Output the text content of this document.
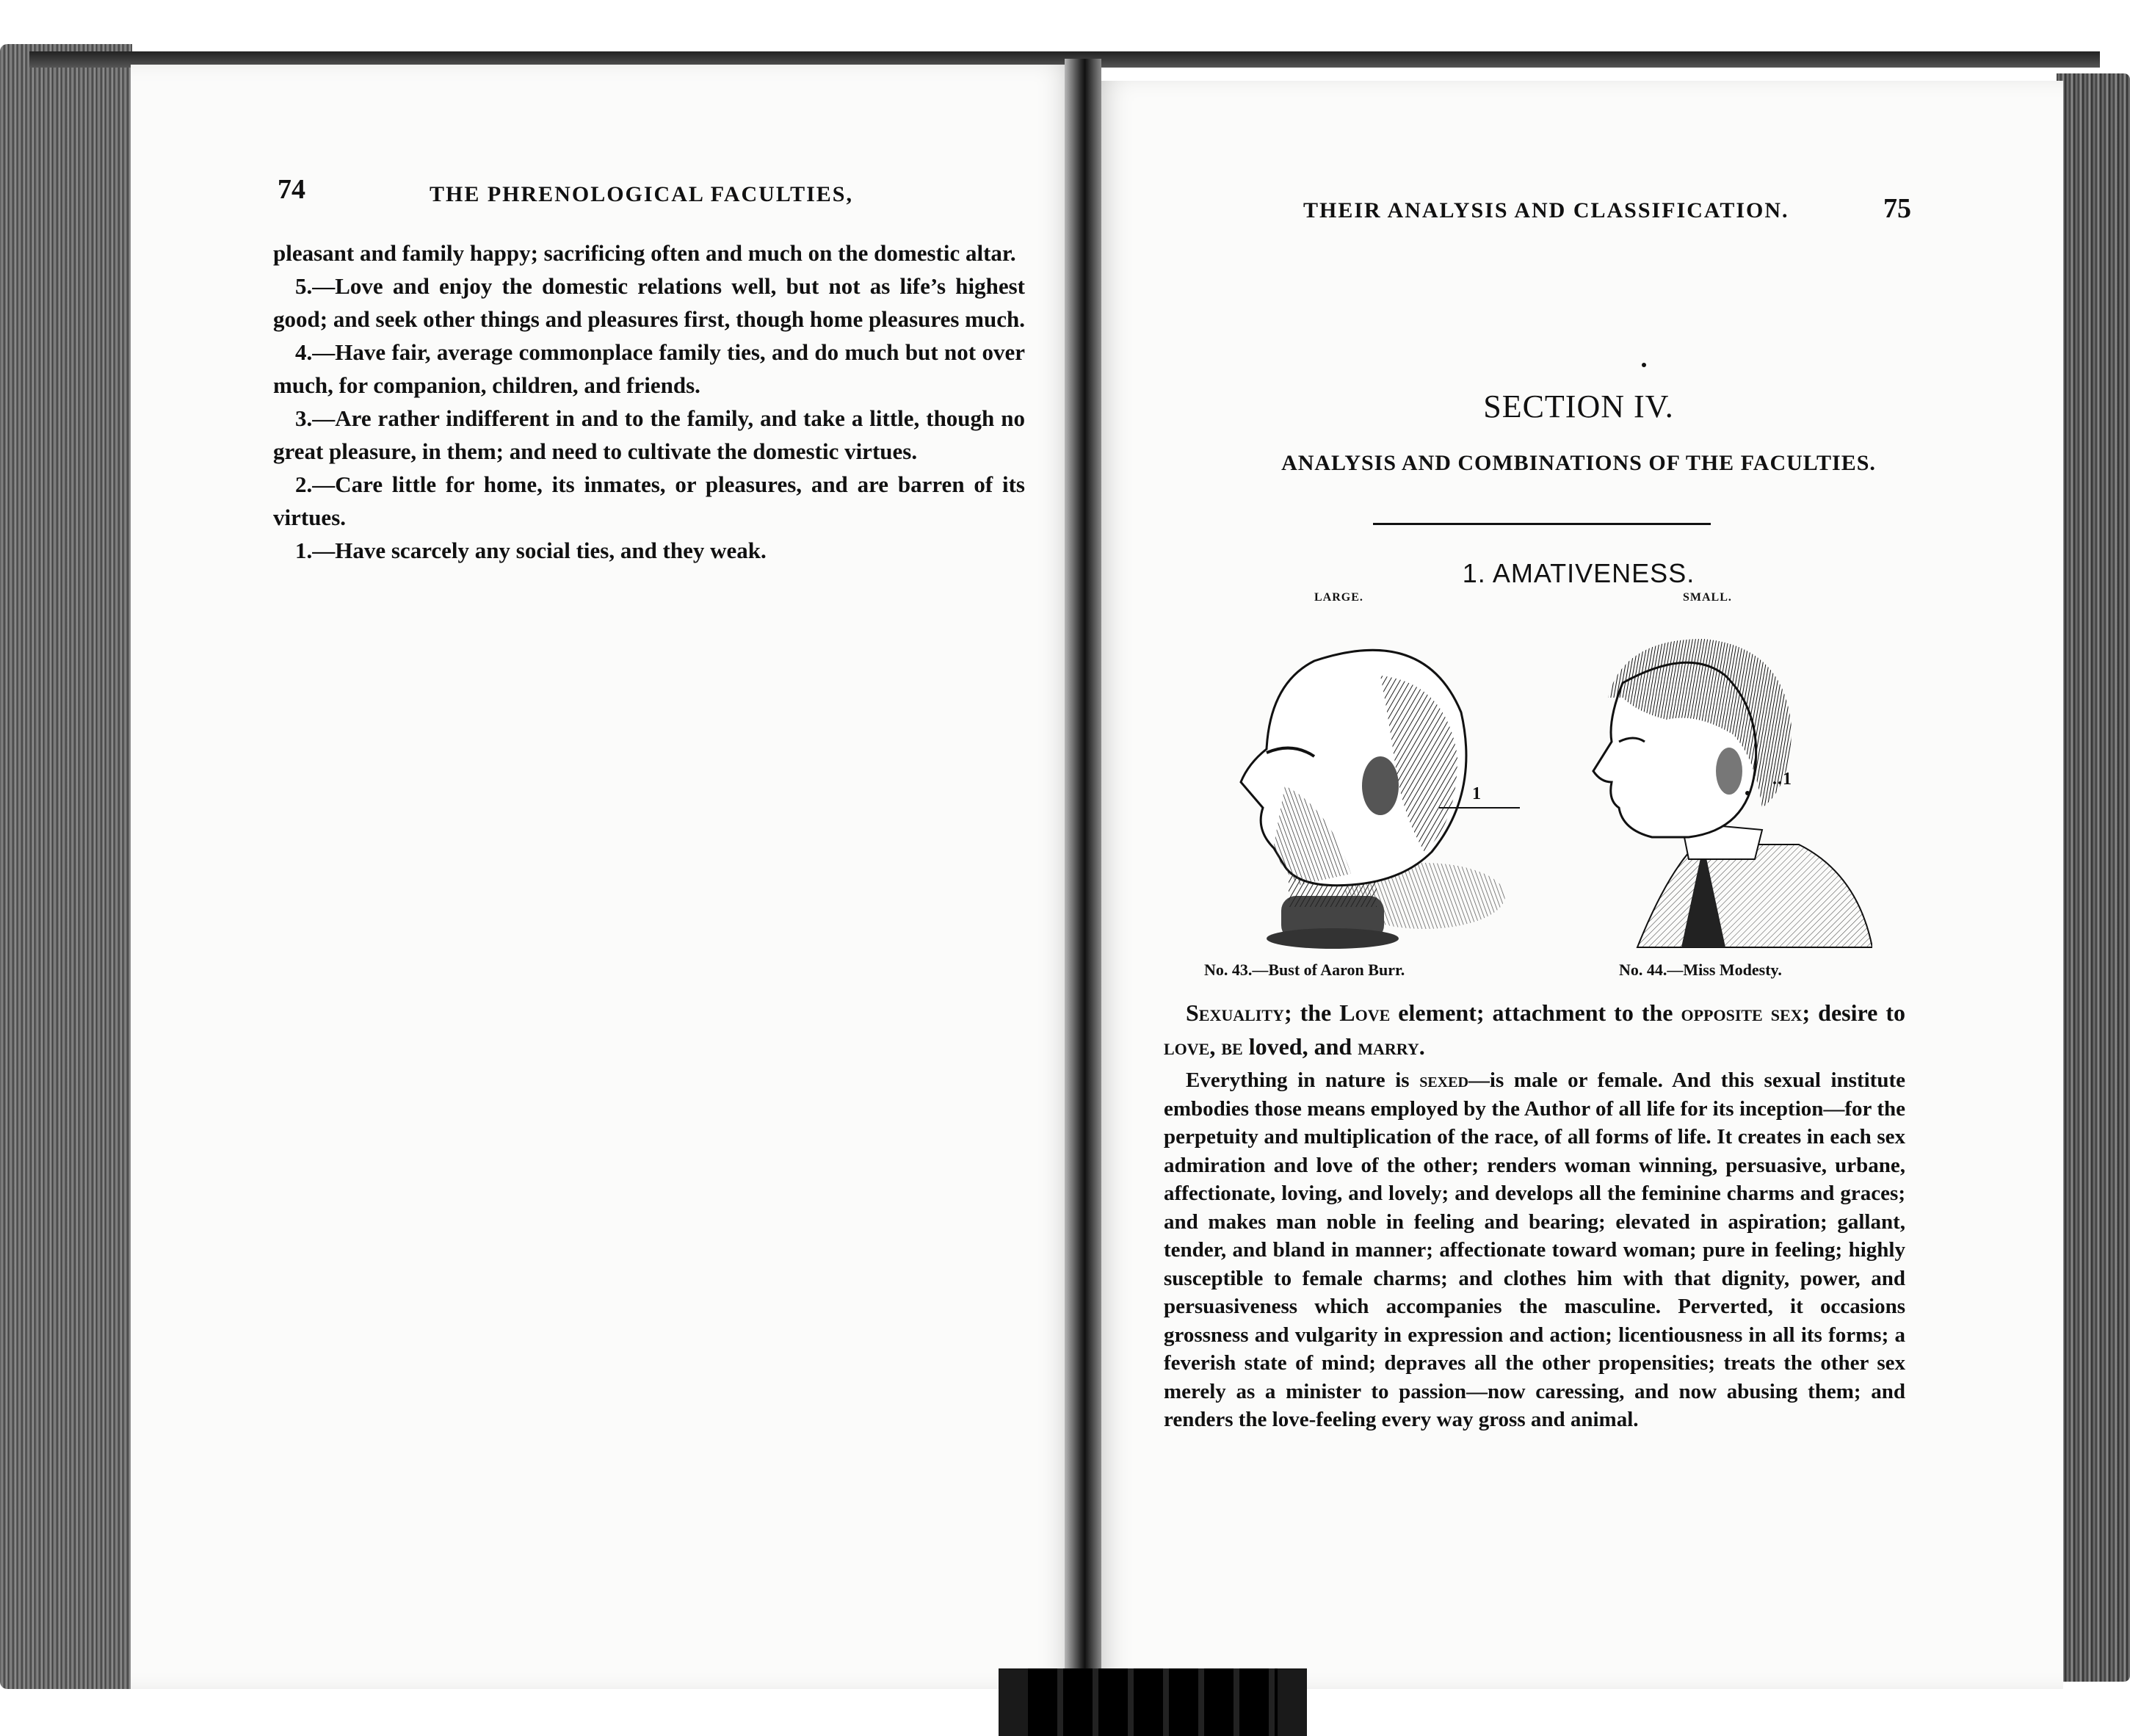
74	THE PHRENOLOGICAL FACULTIES,

pleasant and family happy; sacrificing often and much on the domestic altar.

5.—Love and enjoy the domestic relations well, but not as life’s highest good; and seek other things and pleasures first, though home pleasures much.

4.—Have fair, average commonplace family ties, and do much but not over much, for companion, children, and friends.

3.—Are rather indifferent in and to the family, and take a little, though no great pleasure, in them; and need to cultivate the domestic virtues.

2.—Care little for home, its inmates, or pleasures, and are barren of its virtues.

1.—Have scarcely any social ties, and they weak.

THEIR ANALYSIS AND CLASSIFICATION.	75
SECTION IV.
ANALYSIS AND COMBINATIONS OF THE FACULTIES.
1. AMATIVENESS.
LARGE.	SMALL.
1
..1
No. 43.—Bust of Aaron Burr.	No. 44.—Miss Modesty.

Sexuality; the Love element; attachment to the opposite sex; desire to love, be loved, and marry.

Everything in nature is sexed—is male or female. And this sexual institute embodies those means employed by the Author of all life for its inception—for the perpetuity and multiplication of the race, of all forms of life. It creates in each sex admiration and love of the other; renders woman winning, persuasive, urbane, affectionate, loving, and lovely; and develops all the feminine charms and graces; and makes man noble in feeling and bearing; elevated in aspiration; gallant, tender, and bland in manner; affectionate toward woman; pure in feeling; highly susceptible to female charms; and clothes him with that dignity, power, and persuasiveness which accompanies the masculine. Perverted, it occasions grossness and vulgarity in expression and action; licentiousness in all its forms; a feverish state of mind; depraves all the other propensities; treats the other sex merely as a minister to passion—now caressing, and now abusing them; and renders the love-feeling every way gross and animal.
